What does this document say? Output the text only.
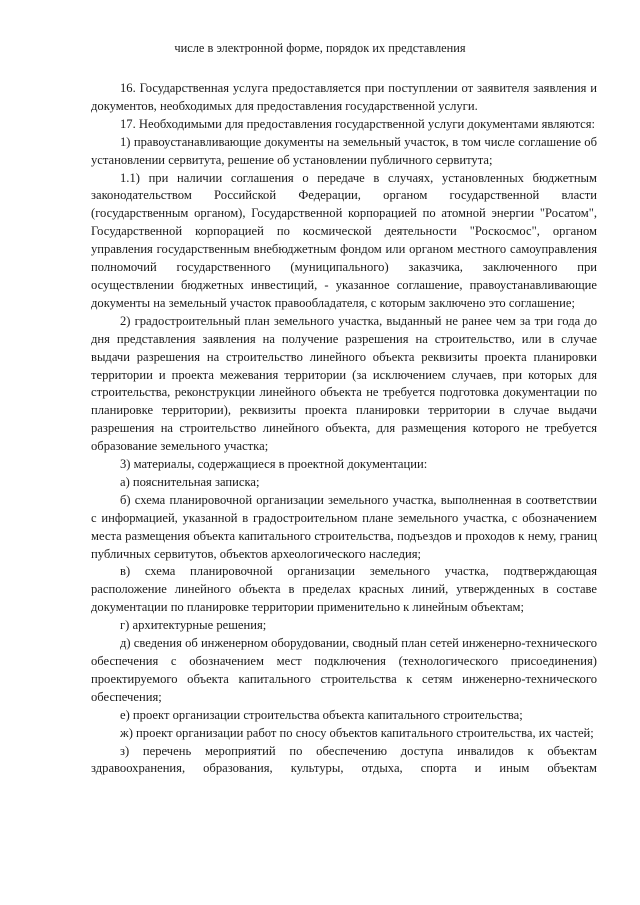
числе в электронной форме, порядок их представления

16. Государственная услуга предоставляется при поступлении от заявителя заявления и документов, необходимых для предоставления государственной услуги.

17. Необходимыми для предоставления государственной услуги документами являются:

1) правоустанавливающие документы на земельный участок, в том числе соглашение об установлении сервитута, решение об установлении публичного сервитута;

1.1) при наличии соглашения о передаче в случаях, установленных бюджетным законодательством Российской Федерации, органом государственной власти (государственным органом), Государственной корпорацией по атомной энергии "Росатом", Государственной корпорацией по космической деятельности "Роскосмос", органом управления государственным внебюджетным фондом или органом местного самоуправления полномочий государственного (муниципального) заказчика, заключенного при осуществлении бюджетных инвестиций, - указанное соглашение, правоустанавливающие документы на земельный участок правообладателя, с которым заключено это соглашение;

2) градостроительный план земельного участка, выданный не ранее чем за три года до дня представления заявления на получение разрешения на строительство, или в случае выдачи разрешения на строительство линейного объекта реквизиты проекта планировки территории и проекта межевания территории (за исключением случаев, при которых для строительства, реконструкции линейного объекта не требуется подготовка документации по планировке территории), реквизиты проекта планировки территории в случае выдачи разрешения на строительство линейного объекта, для размещения которого не требуется образование земельного участка;

3) материалы, содержащиеся в проектной документации:

а) пояснительная записка;

б) схема планировочной организации земельного участка, выполненная в соответствии с информацией, указанной в градостроительном плане земельного участка, с обозначением места размещения объекта капитального строительства, подъездов и проходов к нему, границ публичных сервитутов, объектов археологического наследия;

в) схема планировочной организации земельного участка, подтверждающая расположение линейного объекта в пределах красных линий, утвержденных в составе документации по планировке территории применительно к линейным объектам;

г) архитектурные решения;

д) сведения об инженерном оборудовании, сводный план сетей инженерно-технического обеспечения с обозначением мест подключения (технологического присоединения) проектируемого объекта капитального строительства к сетям инженерно-технического обеспечения;

е) проект организации строительства объекта капитального строительства;

ж) проект организации работ по сносу объектов капитального строительства, их частей;

з) перечень мероприятий по обеспечению доступа инвалидов к объектам здравоохранения, образования, культуры, отдыха, спорта и иным объектам
